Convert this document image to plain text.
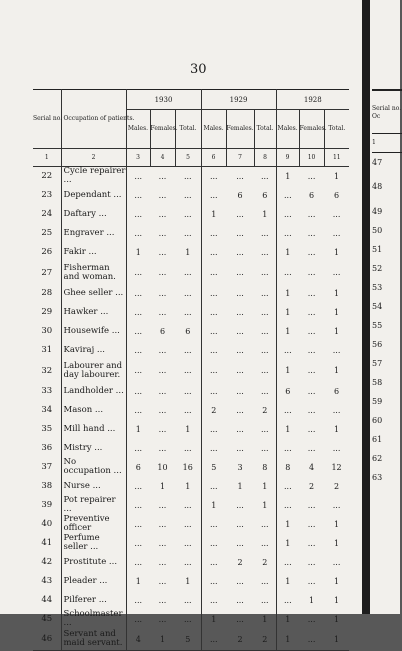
30
Serial no.	Occupation of patients.	1930			1929			1928		
		Males.	Females.	Total.	Males.	Females.	Total.	Males.	Females.	Total.
1	2	3	4	5	6	7	8	9	10	11
22	Cycle repairer ...	...	...	...	...	...	...	1	...	1
23	Dependant ...	...	...	...	...	6	6	...	6	6
24	Daftary ...	...	...	...	1	...	1	...	...	...
25	Engraver ...	...	...	...	...	...	...	...	...	...
26	Fakir ...	1	...	1	...	...	...	1	...	1
27	Fisherman and woman.	...	...	...	...	...	...	...	...	...
28	Ghee seller ...	...	...	...	...	...	...	1	...	1
29	Hawker ...	...	...	...	...	...	...	1	...	1
30	Housewife ...	...	6	6	...	...	...	1	...	1
31	Kaviraj ...	...	...	...	...	...	...	...	...	...
32	Labourer and day labourer.	...	...	...	...	...	...	1	...	1
33	Landholder ...	...	...	...	...	...	...	6	...	6
34	Mason ...	...	...	...	2	...	2	...	...	...
35	Mill hand ...	1	...	1	...	...	...	1	...	1
36	Mistry ...	...	...	...	...	...	...	...	...	...
37	No occupation ...	6	10	16	5	3	8	8	4	12
38	Nurse ...	...	1	1	...	1	1	...	2	2
39	Pot repairer ...	...	...	...	1	...	1	...	...	...
40	Preventive officer	...	...	...	...	...	...	1	...	1
41	Perfume seller ...	...	...	...	...	...	...	1	...	1
42	Prostitute ...	...	...	...	...	2	2	...	...	...
43	Pleader ...	1	...	1	...	...	...	1	...	1
44	Pilferer ...	...	...	...	...	...	...	...	1	1
45	Schoolmaster ...	...	...	...	1	...	1	1	...	1
46	Servant and maid servant.	4	1	5	...	2	2	1	...	1
Serial no. Oc
1
47
48
49
50
51
52
53
54
55
56
57
58
59
60
61
62
63
